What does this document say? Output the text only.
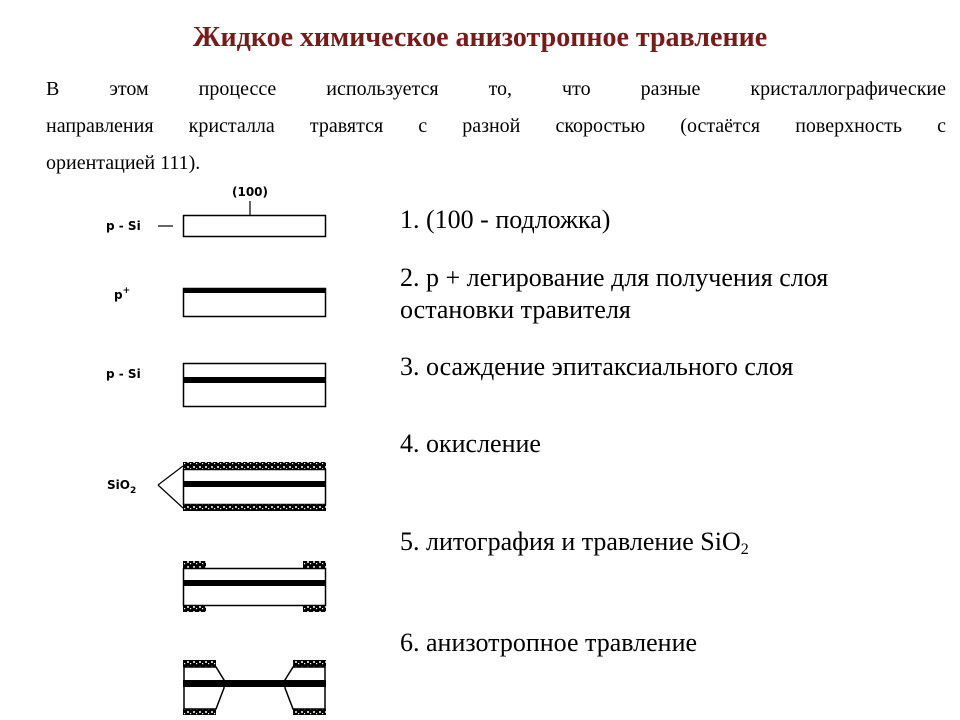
Жидкое химическое анизотропное травление
В этом процессе используется то, что разные кристаллографические
направления кристалла травятся с разной скоростью (остаётся поверхность с
ориентацией 111).
1. (100 - подложка)
2. p + легирование для получения слоя
остановки травителя
3. осаждение эпитаксиального слоя
4. окисление
5. литография и травление SiO$_2$
6. анизотропное травление
(100)
p - Si
p+
p - Si
SiO$_2$
